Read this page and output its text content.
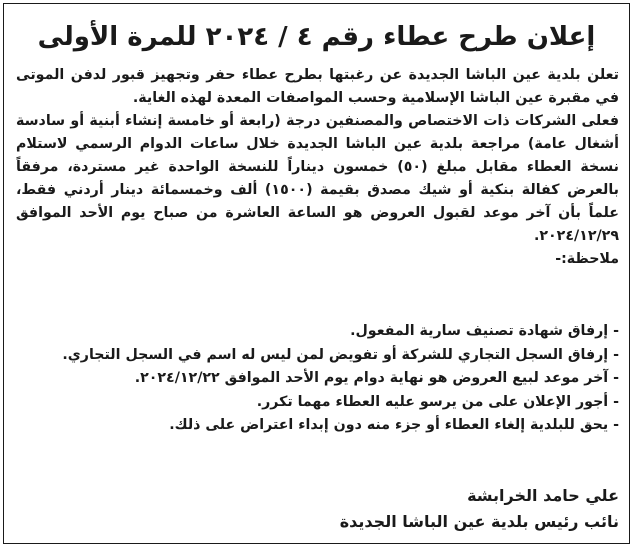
إعلان طرح عطاء رقم ٤ / ٢٠٢٤ للمرة الأولى

تعلن بلدية عين الباشا الجديدة عن رغبتها بطرح عطاء حفر وتجهيز قبور لدفن الموتى في مقبرة عين الباشا الإسلامية وحسب المواصفات المعدة لهذه الغاية.

فعلى الشركات ذات الاختصاص والمصنفين درجة (رابعة أو خامسة إنشاء أبنية أو سادسة أشغال عامة) مراجعة بلدية عين الباشا الجديدة خلال ساعات الدوام الرسمي لاستلام نسخة العطاء مقابل مبلغ (٥٠) خمسون ديناراً للنسخة الواحدة غير مستردة، مرفقاً بالعرض كفالة بنكية أو شيك مصدق بقيمة (١٥٠٠) ألف وخمسمائة دينار أردني فقط، علماً بأن آخر موعد لقبول العروض هو الساعة العاشرة من صباح يوم الأحد الموافق ٢٠٢٤/١٢/٢٩.

ملاحظة:-

- إرفاق شهادة تصنيف سارية المفعول.
- إرفاق السجل التجاري للشركة أو تفويض لمن ليس له اسم في السجل التجاري.
- آخر موعد لبيع العروض هو نهاية دوام يوم الأحد الموافق ٢٠٢٤/١٢/٢٢.
- أجور الإعلان على من يرسو عليه العطاء مهما تكرر.
- يحق للبلدية إلغاء العطاء أو جزء منه دون إبداء اعتراض على ذلك.
علي حامد الخرابشة
نائب رئيس بلدية عين الباشا الجديدة
